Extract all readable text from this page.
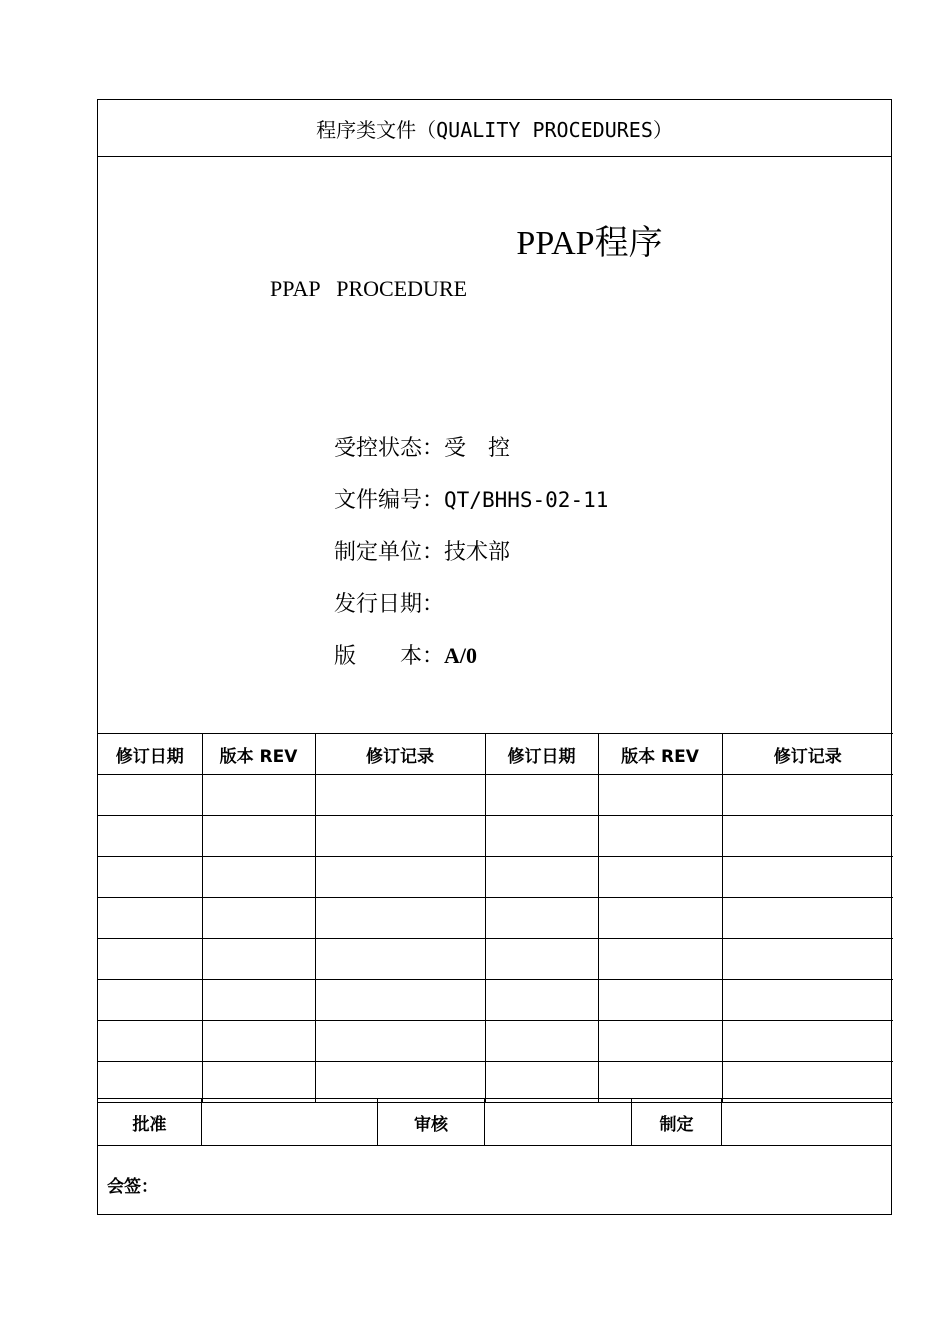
程序类文件（QUALITY PROCEDURES）
PPAP程序
PPAP   PROCEDURE
受控状态：受　控
文件编号：QT/BHHS-02-11
制定单位：技术部
发行日期：
版　　本：A/0
修订日期	版本 REV	修订记录	修订日期	版本 REV	修订记录

批准	审核	制定
会签：
